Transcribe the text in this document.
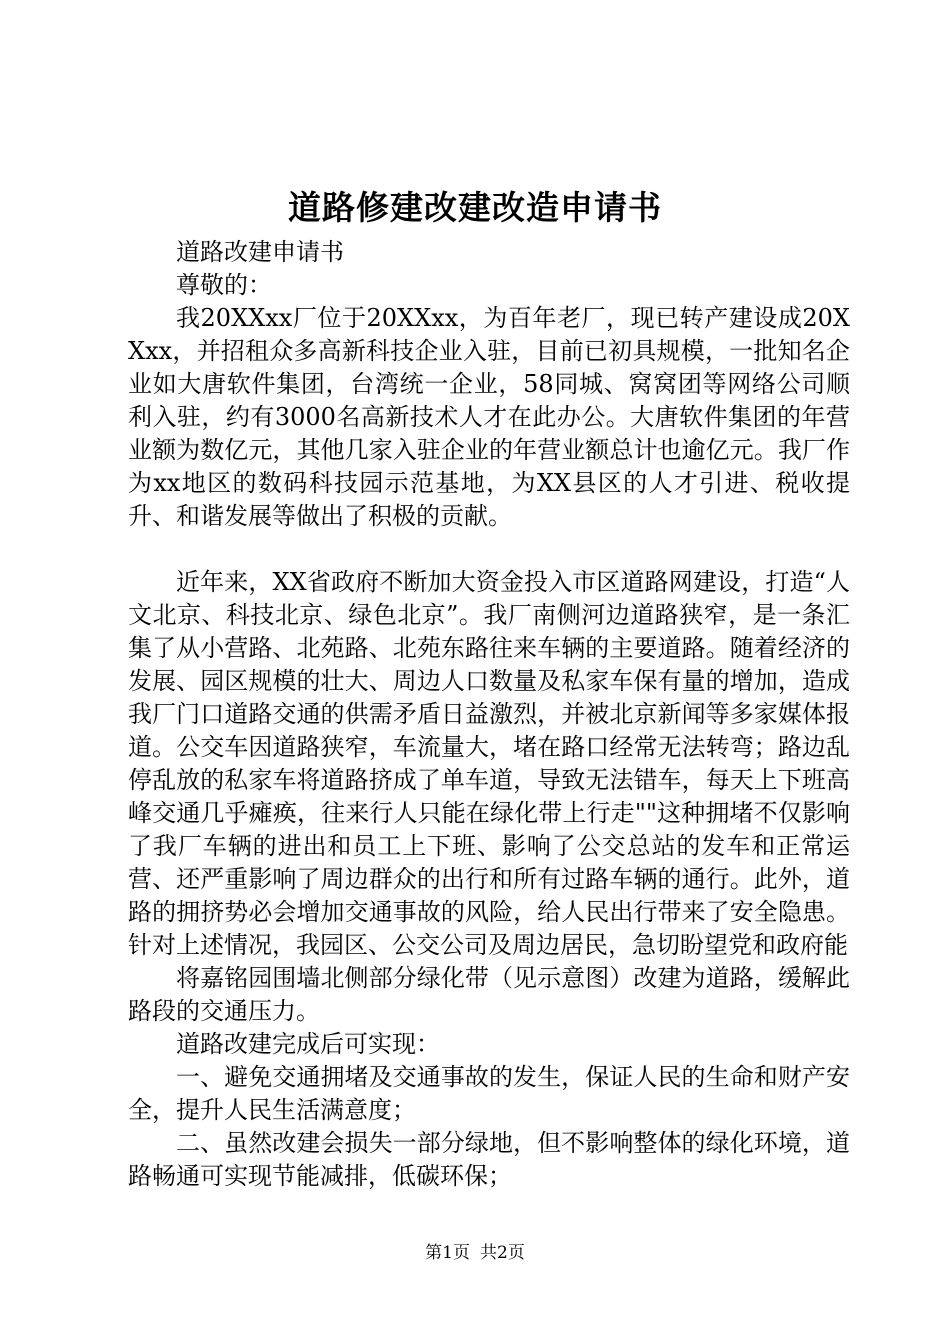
道路修建改建改造申请书

道路改建申请书

尊敬的：

我20XXxx厂位于20XXxx，为百年老厂，现已转产建设成20XXxx，并招租众多高新科技企业入驻，目前已初具规模，一批知名企业如大唐软件集团，台湾统一企业，58同城、窝窝团等网络公司顺利入驻，约有3000名高新技术人才在此办公。大唐软件集团的年营业额为数亿元，其他几家入驻企业的年营业额总计也逾亿元。我厂作为xx地区的数码科技园示范基地，为XX县区的人才引进、税收提升、和谐发展等做出了积极的贡献。

近年来，XX省政府不断加大资金投入市区道路网建设，打造“人文北京、科技北京、绿色北京”。我厂南侧河边道路狭窄，是一条汇集了从小营路、北苑路、北苑东路往来车辆的主要道路。随着经济的发展、园区规模的壮大、周边人口数量及私家车保有量的增加，造成我厂门口道路交通的供需矛盾日益激烈，并被北京新闻等多家媒体报道。公交车因道路狭窄，车流量大，堵在路口经常无法转弯；路边乱停乱放的私家车将道路挤成了单车道，导致无法错车，每天上下班高峰交通几乎瘫痪，往来行人只能在绿化带上行走""这种拥堵不仅影响了我厂车辆的进出和员工上下班、影响了公交总站的发车和正常运营、还严重影响了周边群众的出行和所有过路车辆的通行。此外，道路的拥挤势必会增加交通事故的风险，给人民出行带来了安全隐患。针对上述情况，我园区、公交公司及周边居民，急切盼望党和政府能

将嘉铭园围墙北侧部分绿化带（见示意图）改建为道路，缓解此路段的交通压力。

道路改建完成后可实现：

一、避免交通拥堵及交通事故的发生，保证人民的生命和财产安全，提升人民生活满意度；

二、虽然改建会损失一部分绿地，但不影响整体的绿化环境，道路畅通可实现节能减排，低碳环保；

第1页 共2页
